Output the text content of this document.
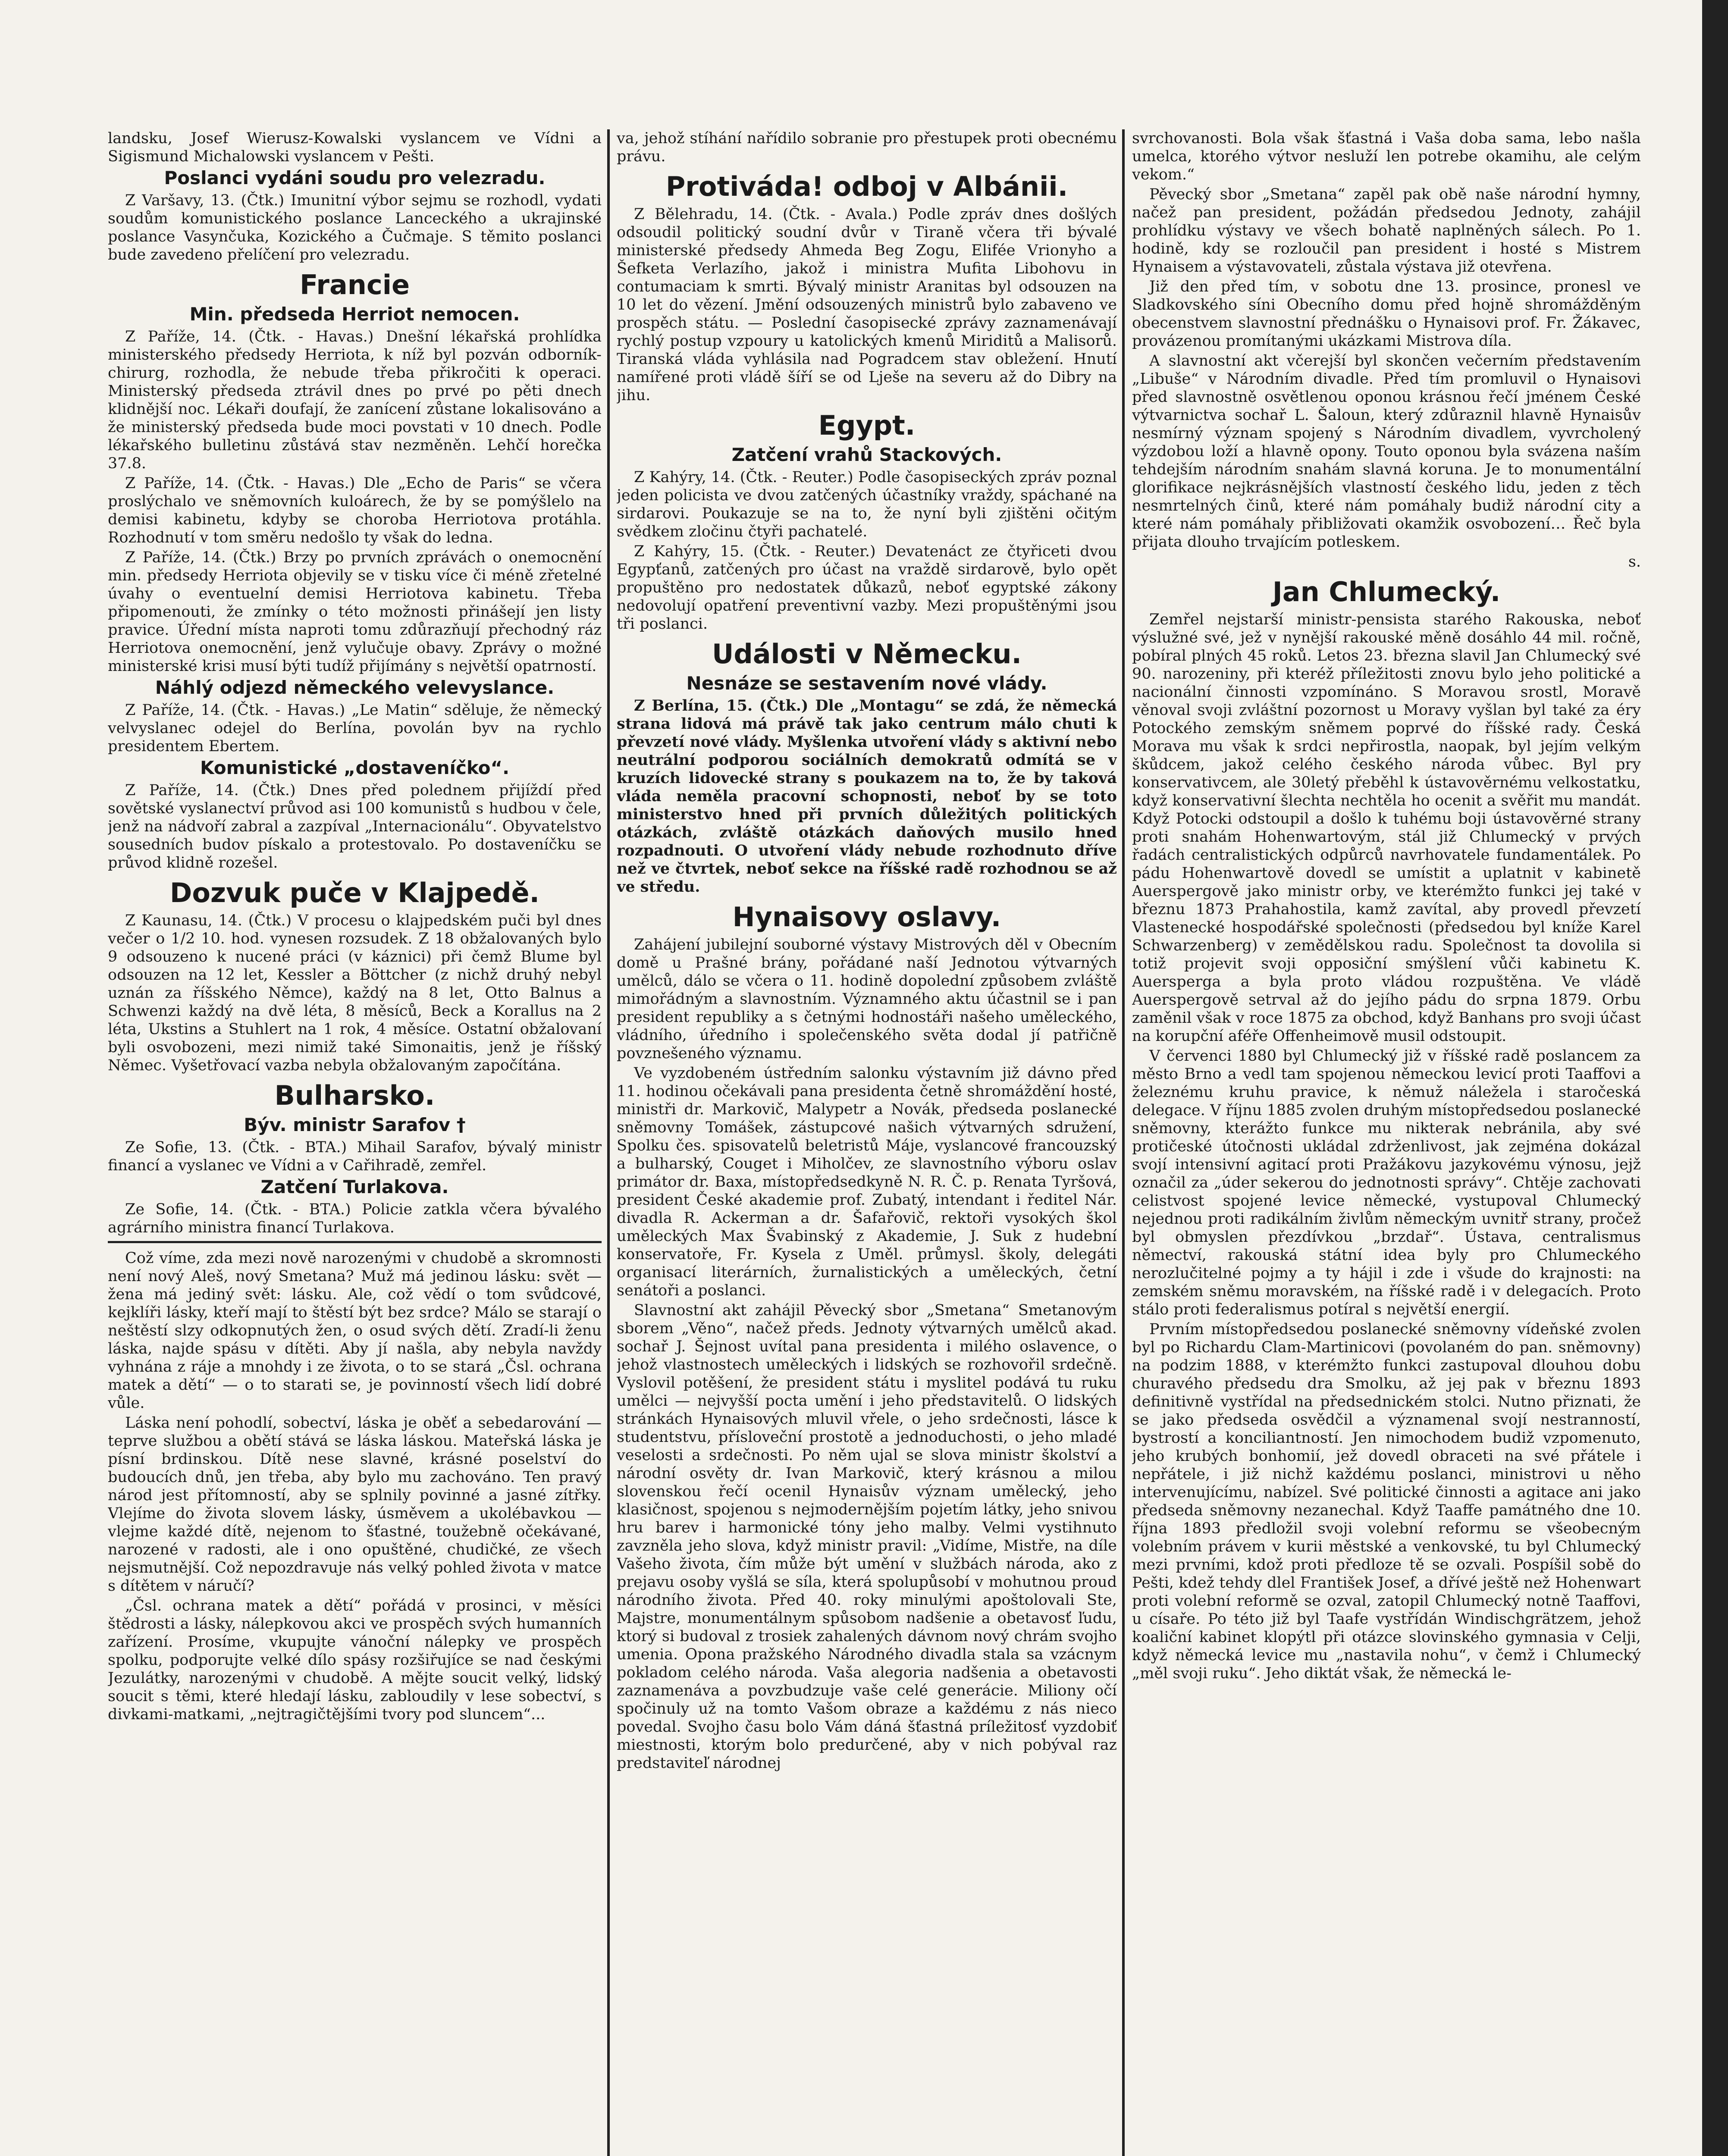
landsku, Josef Wierusz-Kowalski vyslancem ve Vídni a Sigismund Michalowski vyslancem v Pešti.

Poslanci vydáni soudu pro velezradu.

Z Varšavy, 13. (Čtk.) Imunitní výbor sejmu se rozhodl, vydati soudům komunistického poslance Lanceckého a ukrajinské poslance Vasynčuka, Kozického a Čučmaje. S těmito poslanci bude zavedeno přelíčení pro velezradu.

Francie
Min. předseda Herriot nemocen.

Z Paříže, 14. (Čtk. - Havas.) Dnešní lékařská prohlídka ministerského předsedy Herriota, k níž byl pozván odborník-chirurg, rozhodla, že nebude třeba přikročiti k operaci. Ministerský předseda ztrávil dnes po prvé po pěti dnech klidnější noc. Lékaři doufají, že zanícení zůstane lokalisováno a že ministerský předseda bude moci povstati v 10 dnech. Podle lékařského bulletinu zůstává stav nezměněn. Lehčí horečka 37.8.

Z Paříže, 14. (Čtk. - Havas.) Dle „Echo de Paris“ se včera proslýchalo ve sněmovních kuloárech, že by se pomýšlelo na demisi kabinetu, kdyby se choroba Herriotova protáhla. Rozhodnutí v tom směru nedošlo ty však do ledna.

Z Paříže, 14. (Čtk.) Brzy po prvních zprávách o onemocnění min. předsedy Herriota objevily se v tisku více či méně zřetelné úvahy o eventuelní demisi Herriotova kabinetu. Třeba připomenouti, že zmínky o této možnosti přinášejí jen listy pravice. Úřední místa naproti tomu zdůrazňují přechodný ráz Herriotova onemocnění, jenž vylučuje obavy. Zprávy o možné ministerské krisi musí býti tudíž přijímány s největší opatrností.

Náhlý odjezd německého velevyslance.

Z Paříže, 14. (Čtk. - Havas.) „Le Matin“ sděluje, že německý velvyslanec odejel do Berlína, povolán byv na rychlo presidentem Ebertem.

Komunistické „dostaveníčko“.

Z Paříže, 14. (Čtk.) Dnes před polednem přijíždí před sovětské vyslanectví průvod asi 100 komunistů s hudbou v čele, jenž na nádvoří zabral a zazpíval „Internacionálu“. Obyvatelstvo sousedních budov pískalo a protestovalo. Po dostaveníčku se průvod klidně rozešel.

Dozvuk puče v Klajpedě.

Z Kaunasu, 14. (Čtk.) V procesu o klajpedském puči byl dnes večer o 1/2 10. hod. vynesen rozsudek. Z 18 obžalovaných bylo 9 odsouzeno k nucené práci (v káznici) při čemž Blume byl odsouzen na 12 let, Kessler a Böttcher (z nichž druhý nebyl uznán za říšského Němce), každý na 8 let, Otto Balnus a Schwenzi každý na dvě léta, 8 měsíců, Beck a Korallus na 2 léta, Ukstins a Stuhlert na 1 rok, 4 měsíce. Ostatní obžalovaní byli osvobozeni, mezi nimiž také Simonaitis, jenž je říšský Němec. Vyšetřovací vazba nebyla obžalovaným započítána.

Bulharsko.
Býv. ministr Sarafov †

Ze Sofie, 13. (Čtk. - BTA.) Mihail Sarafov, bývalý ministr financí a vyslanec ve Vídni a v Cařihradě, zemřel.

Zatčení Turlakova.

Ze Sofie, 14. (Čtk. - BTA.) Policie zatkla včera bývalého agrárního ministra financí Turlakova.

Což víme, zda mezi nově narozenými v chudobě a skromnosti není nový Aleš, nový Smetana? Muž má jedinou lásku: svět — žena má jediný svět: lásku. Ale, což vědí o tom svůdcové, kejklíři lásky, kteří mají to štěstí být bez srdce? Málo se starají o neštěstí slzy odkopnutých žen, o osud svých dětí. Zradí-li ženu láska, najde spásu v dítěti. Aby jí našla, aby nebyla navždy vyhnána z ráje a mnohdy i ze života, o to se stará „Čsl. ochrana matek a dětí“ — o to starati se, je povinností všech lidí dobré vůle.

Láska není pohodlí, sobectví, láska je oběť a sebedarování — teprve službou a obětí stává se láska láskou. Mateřská láska je písní brdinskou. Dítě nese slavné, krásné poselství do budoucích dnů, jen třeba, aby bylo mu zachováno. Ten pravý národ jest přítomností, aby se splnily povinné a jasné zítřky. Vlejíme do života slovem lásky, úsměvem a ukolébavkou — vlejme každé dítě, nejenom to šťastné, toužebně očekávané, narozené v radosti, ale i ono opuštěné, chudičké, ze všech nejsmutnější. Což nepozdravuje nás velký pohled života v matce s dítětem v náručí?

„Čsl. ochrana matek a dětí“ pořádá v prosinci, v měsíci štědrosti a lásky, nálepkovou akci ve prospěch svých humanních zařízení. Prosíme, vkupujte vánoční nálepky ve prospěch spolku, podporujte velké dílo spásy rozšiřujíce se nad českými Jezulátky, narozenými v chudobě. A mějte soucit velký, lidský soucit s těmi, které hledají lásku, zabloudily v lese sobectví, s divkami-matkami, „nejtragičtějšími tvory pod sluncem“...

va, jehož stíhání nařídilo sobranie pro přestupek proti obecnému právu.

Protiváda! odboj v Albánii.

Z Bělehradu, 14. (Čtk. - Avala.) Podle zpráv dnes došlých odsoudil politický soudní dvůr v Tiraně včera tři bývalé ministerské předsedy Ahmeda Beg Zogu, Elifée Vrionyho a Šefketa Verlazího, jakož i ministra Mufita Libohovu in contumaciam k smrti. Bývalý ministr Aranitas byl odsouzen na 10 let do vězení. Jmění odsouzených ministrů bylo zabaveno ve prospěch státu. — Poslední časopisecké zprávy zaznamenávají rychlý postup vzpoury u katolických kmenů Miriditů a Malisorů. Tiranská vláda vyhlásila nad Pogradcem stav obležení. Hnutí namířené proti vládě šíří se od Lješe na severu až do Dibry na jihu.

Egypt.
Zatčení vrahů Stackových.

Z Kahýry, 14. (Čtk. - Reuter.) Podle časopiseckých zpráv poznal jeden policista ve dvou zatčených účastníky vraždy, spáchané na sirdarovi. Poukazuje se na to, že nyní byli zjištěni očitým svědkem zločinu čtyři pachatelé.

Z Kahýry, 15. (Čtk. - Reuter.) Devatenáct ze čtyřiceti dvou Egypťanů, zatčených pro účast na vraždě sirdarově, bylo opět propuštěno pro nedostatek důkazů, neboť egyptské zákony nedovolují opatření preventivní vazby. Mezi propuštěnými jsou tři poslanci.

Události v Německu.
Nesnáze se sestavením nové vlády.

Z Berlína, 15. (Čtk.) Dle „Montagu“ se zdá, že německá strana lidová má právě tak jako centrum málo chuti k převzetí nové vlády. Myšlenka utvoření vlády s aktivní nebo neutrální podporou sociálních demokratů odmítá se v kruzích lidovecké strany s poukazem na to, že by taková vláda neměla pracovní schopnosti, neboť by se toto ministerstvo hned při prvních důležitých politických otázkách, zvláště otázkách daňových musilo hned rozpadnouti. O utvoření vlády nebude rozhodnuto dříve než ve čtvrtek, neboť sekce na říšské radě rozhodnou se až ve středu.

Hynaisovy oslavy.

Zahájení jubilejní souborné výstavy Mistrových děl v Obecním domě u Prašné brány, pořádané naší Jednotou výtvarných umělců, dálo se včera o 11. hodině dopolední způsobem zvláště mimořádným a slavnostním. Významného aktu účastnil se i pan president republiky a s četnými hodnostáři našeho uměleckého, vládního, úředního i společenského světa dodal jí patřičně povznešeného významu.

Ve vyzdobeném ústředním salonku výstavním již dávno před 11. hodinou očekávali pana presidenta četně shromáždění hosté, ministři dr. Markovič, Malypetr a Novák, předseda poslanecké sněmovny Tomášek, zástupcové našich výtvarných sdružení, Spolku čes. spisovatelů beletristů Máje, vyslancové francouzský a bulharský, Couget i Miholčev, ze slavnostního výboru oslav primátor dr. Baxa, místopředsedkyně N. R. Č. p. Renata Tyršová, president České akademie prof. Zubatý, intendant i ředitel Nár. divadla R. Ackerman a dr. Šafařovič, rektoři vysokých škol uměleckých Max Švabinský z Akademie, J. Suk z hudební konservatoře, Fr. Kysela z Uměl. průmysl. školy, delegáti organisací literárních, žurnalistických a uměleckých, četní senátoři a poslanci.

Slavnostní akt zahájil Pěvecký sbor „Smetana“ Smetanovým sborem „Věno“, načež předs. Jednoty výtvarných umělců akad. sochař J. Šejnost uvítal pana presidenta i milého oslavence, o jehož vlastnostech uměleckých i lidských se rozhovořil srdečně. Vyslovil potěšení, že president státu i myslitel podává tu ruku umělci — nejvyšší pocta umění i jeho představitelů. O lidských stránkách Hynaisových mluvil vřele, o jeho srdečnosti, lásce k studentstvu, přísloveční prostotě a jednoduchosti, o jeho mladé veselosti a srdečnosti. Po něm ujal se slova ministr školství a národní osvěty dr. Ivan Markovič, který krásnou a milou slovenskou řečí ocenil Hynaisův význam umělecký, jeho klasičnost, spojenou s nejmodernějším pojetím látky, jeho snivou hru barev i harmonické tóny jeho malby. Velmi vystihnuto zavzněla jeho slova, když ministr pravil: „Vidíme, Mistře, na díle Vašeho života, čím může být umění v službách národa, ako z prejavu osoby vyšlá se síla, která spolupůsobí v mohutnou proud národního života. Před 40. roky minulými apoštolovali Ste, Majstre, monumentálnym spůsobom nadšenie a obetavosť ľudu, ktorý si budoval z trosiek zahalených dávnom nový chrám svojho umenia. Opona pražského Národného divadla stala sa vzácnym pokladom celého národa. Vaša alegoria nadšenia a obetavosti zaznamenáva a povzbudzuje vaše celé generácie. Miliony očí spočinuly už na tomto Vašom obraze a každému z nás nieco povedal. Svojho času bolo Vám dáná šťastná príležitosť vyzdobiť miestnosti, ktorým bolo predurčené, aby v nich pobýval raz predstaviteľ národnej

svrchovanosti. Bola však šťastná i Vaša doba sama, lebo našla umelca, ktorého výtvor nesluží len potrebe okamihu, ale celým vekom.“

Pěvecký sbor „Smetana“ zapěl pak obě naše národní hymny, načež pan president, požádán předsedou Jednoty, zahájil prohlídku výstavy ve všech bohatě naplněných sálech. Po 1. hodině, kdy se rozloučil pan president i hosté s Mistrem Hynaisem a výstavovateli, zůstala výstava již otevřena.

Již den před tím, v sobotu dne 13. prosince, pronesl ve Sladkovského síni Obecního domu před hojně shromážděným obecenstvem slavnostní přednášku o Hynaisovi prof. Fr. Žákavec, provázenou promítanými ukázkami Mistrova díla.

A slavnostní akt včerejší byl skončen večerním představením „Libuše“ v Národním divadle. Před tím promluvil o Hynaisovi před slavnostně osvětlenou oponou krásnou řečí jménem České výtvarnictva sochař L. Šaloun, který zdůraznil hlavně Hynaisův nesmírný význam spojený s Národním divadlem, vyvrcholený výzdobou loží a hlavně opony. Touto oponou byla svázena naším tehdejším národním snahám slavná koruna. Je to monumentální glorifikace nejkrásnějších vlastností českého lidu, jeden z těch nesmrtelných činů, které nám pomáhaly budiž národní city a které nám pomáhaly přibližovati okamžik osvobození… Řeč byla přijata dlouho trvajícím potleskem.

s.

Jan Chlumecký.

Zemřel nejstarší ministr-pensista starého Rakouska, neboť výslužné své, jež v nynější rakouské měně dosáhlo 44 mil. ročně, pobíral plných 45 roků. Letos 23. března slavil Jan Chlumecký své 90. narozeniny, při kteréž příležitosti znovu bylo jeho politické a nacionální činnosti vzpomínáno. S Moravou srostl, Moravě věnoval svoji zvláštní pozornost u Moravy vyšlan byl také za éry Potockého zemským sněmem poprvé do říšské rady. Česká Morava mu však k srdci nepřirostla, naopak, byl jejím velkým škůdcem, jakož celého českého národa vůbec. Byl pry konservativcem, ale 30letý přeběhl k ústavověrnému velkostatku, když konservativní šlechta nechtěla ho ocenit a svěřit mu mandát. Když Potocki odstoupil a došlo k tuhému boji ústavověrné strany proti snahám Hohenwartovým, stál již Chlumecký v prvých řadách centralistických odpůrců navrhovatele fundamentálek. Po pádu Hohenwartově dovedl se umístit a uplatnit v kabinetě Auerspergově jako ministr orby, ve kterémžto funkci jej také v březnu 1873 Prahahostila, kamž zavítal, aby provedl převzetí Vlastenecké hospodářské společnosti (předsedou byl kníže Karel Schwarzenberg) v zemědělskou radu. Společnost ta dovolila si totiž projevit svoji opposiční smýšlení vůči kabinetu K. Auersperga a byla proto vládou rozpuštěna. Ve vládě Auerspergově setrval až do jejího pádu do srpna 1879. Orbu zaměnil však v roce 1875 za obchod, když Banhans pro svoji účast na korupční aféře Offenheimově musil odstoupit.

V červenci 1880 byl Chlumecký již v říšské radě poslancem za město Brno a vedl tam spojenou německou levicí proti Taaffovi a železnému kruhu pravice, k němuž náležela i staročeská delegace. V říjnu 1885 zvolen druhým místopředsedou poslanecké sněmovny, kterážto funkce mu nikterak nebránila, aby své protičeské útočnosti ukládal zdrženlivost, jak zejména dokázal svojí intensivní agitací proti Pražákovu jazykovému výnosu, jejž označil za „úder sekerou do jednotnosti správy“. Chtěje zachovati celistvost spojené levice německé, vystupoval Chlumecký nejednou proti radikálním živlům německým uvnitř strany, pročež byl obmyslen přezdívkou „brzdař“. Ústava, centralismus němectví, rakouská státní idea byly pro Chlumeckého nerozlučitelné pojmy a ty hájil i zde i všude do krajnosti: na zemském sněmu moravském, na říšské radě i v delegacích. Proto stálo proti federalismus potíral s největší energií.

Prvním místopředsedou poslanecké sněmovny vídeňské zvolen byl po Richardu Clam-Martinicovi (povolaném do pan. sněmovny) na podzim 1888, v kterémžto funkci zastupoval dlouhou dobu churavého předsedu dra Smolku, až jej pak v březnu 1893 definitivně vystřídal na předsednickém stolci. Nutno přiznati, že se jako předseda osvědčil a významenal svojí nestranností, bystrostí a konciliantností. Jen nimochodem budiž vzpomenuto, jeho krubých bonhomií, jež dovedl obraceti na své přátele i nepřátele, i již nichž každému poslanci, ministrovi u něho intervenujícímu, nabízel. Své politické činnosti a agitace ani jako předseda sněmovny nezanechal. Když Taaffe památného dne 10. října 1893 předložil svoji volební reformu se všeobecným volebním právem v kurii městské a venkovské, tu byl Chlumecký mezi prvními, kdož proti předloze tě se ozvali. Pospíšil sobě do Pešti, kdež tehdy dlel František Josef, a dřívé ještě než Hohenwart proti volební reformě se ozval, zatopil Chlumecký notně Taaffovi, u císaře. Po této již byl Taafe vystřídán Windischgrätzem, jehož koaliční kabinet klopýtl při otázce slovinského gymnasia v Celji, když německá levice mu „nastavila nohu“, v čemž i Chlumecký „měl svoji ruku“. Jeho diktát však, že německá le-
